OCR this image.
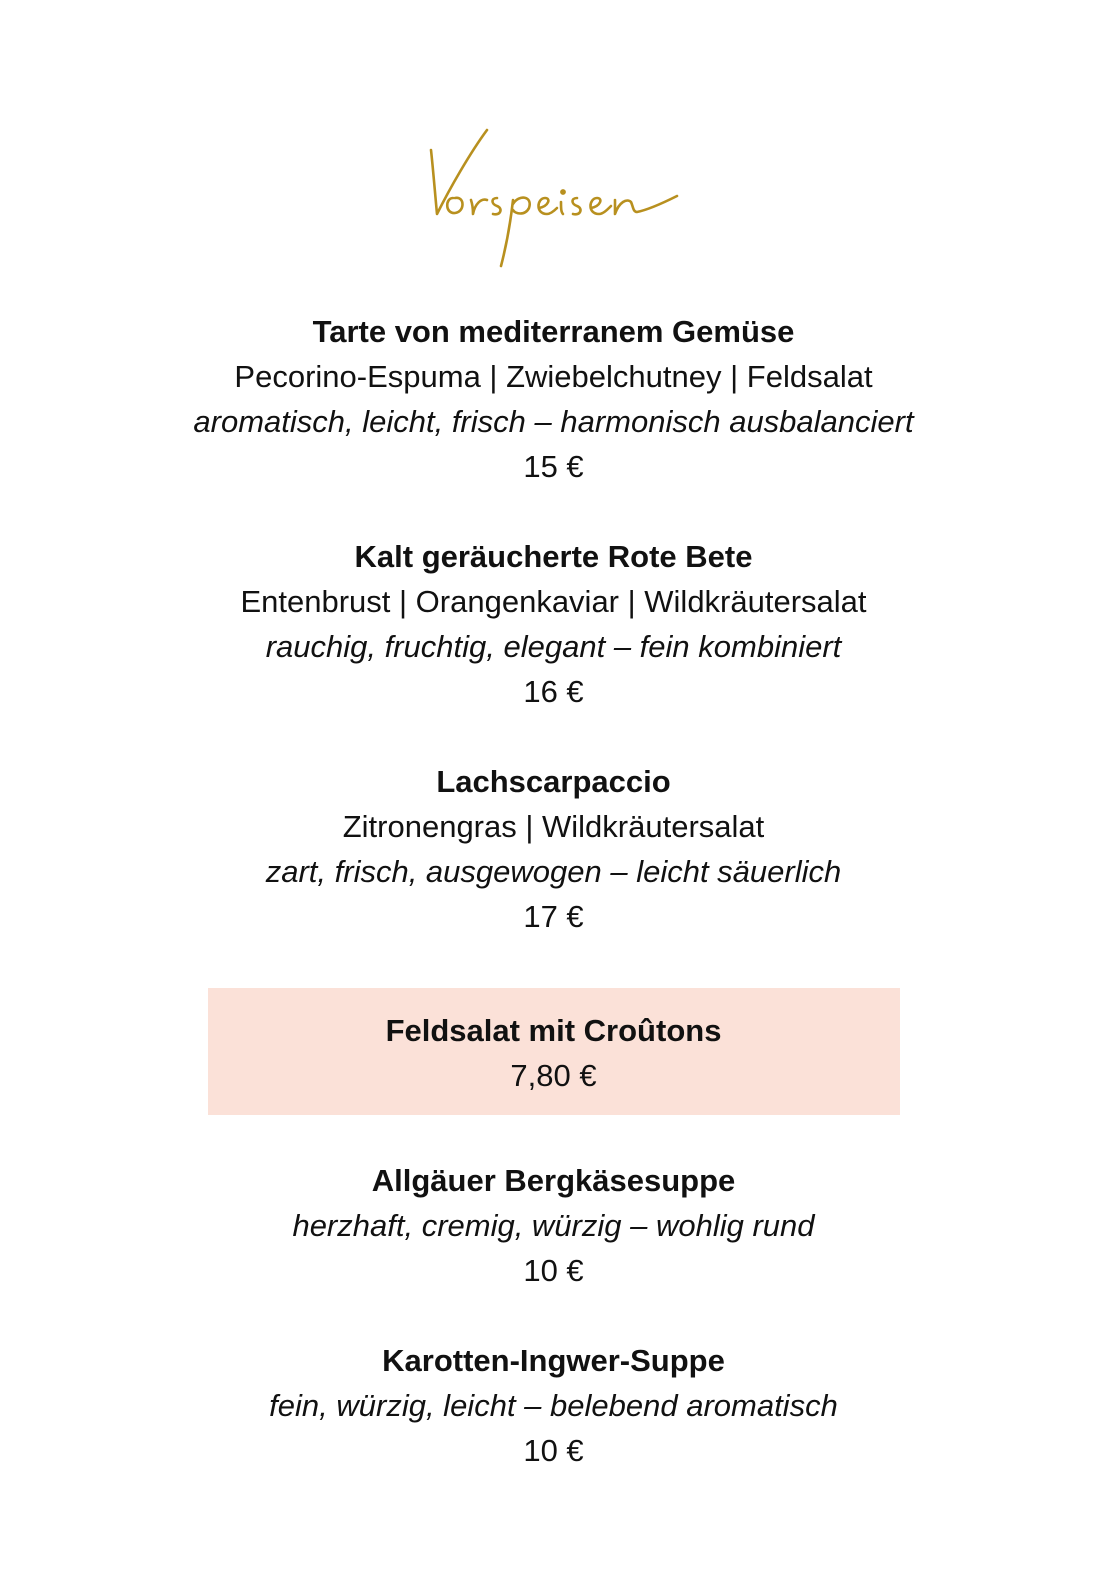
Tarte von mediterranem Gemüse
Pecorino-Espuma | Zwiebelchutney | Feldsalat
aromatisch, leicht, frisch – harmonisch ausbalanciert
15 €
Kalt geräucherte Rote Bete
Entenbrust | Orangenkaviar | Wildkräutersalat
rauchig, fruchtig, elegant – fein kombiniert
16 €
Lachscarpaccio
Zitronengras | Wildkräutersalat
zart, frisch, ausgewogen – leicht säuerlich
17 €
Feldsalat mit Croûtons
7,80 €
Allgäuer Bergkäsesuppe
herzhaft, cremig, würzig – wohlig rund
10 €
Karotten-Ingwer-Suppe
fein, würzig, leicht – belebend aromatisch
10 €
